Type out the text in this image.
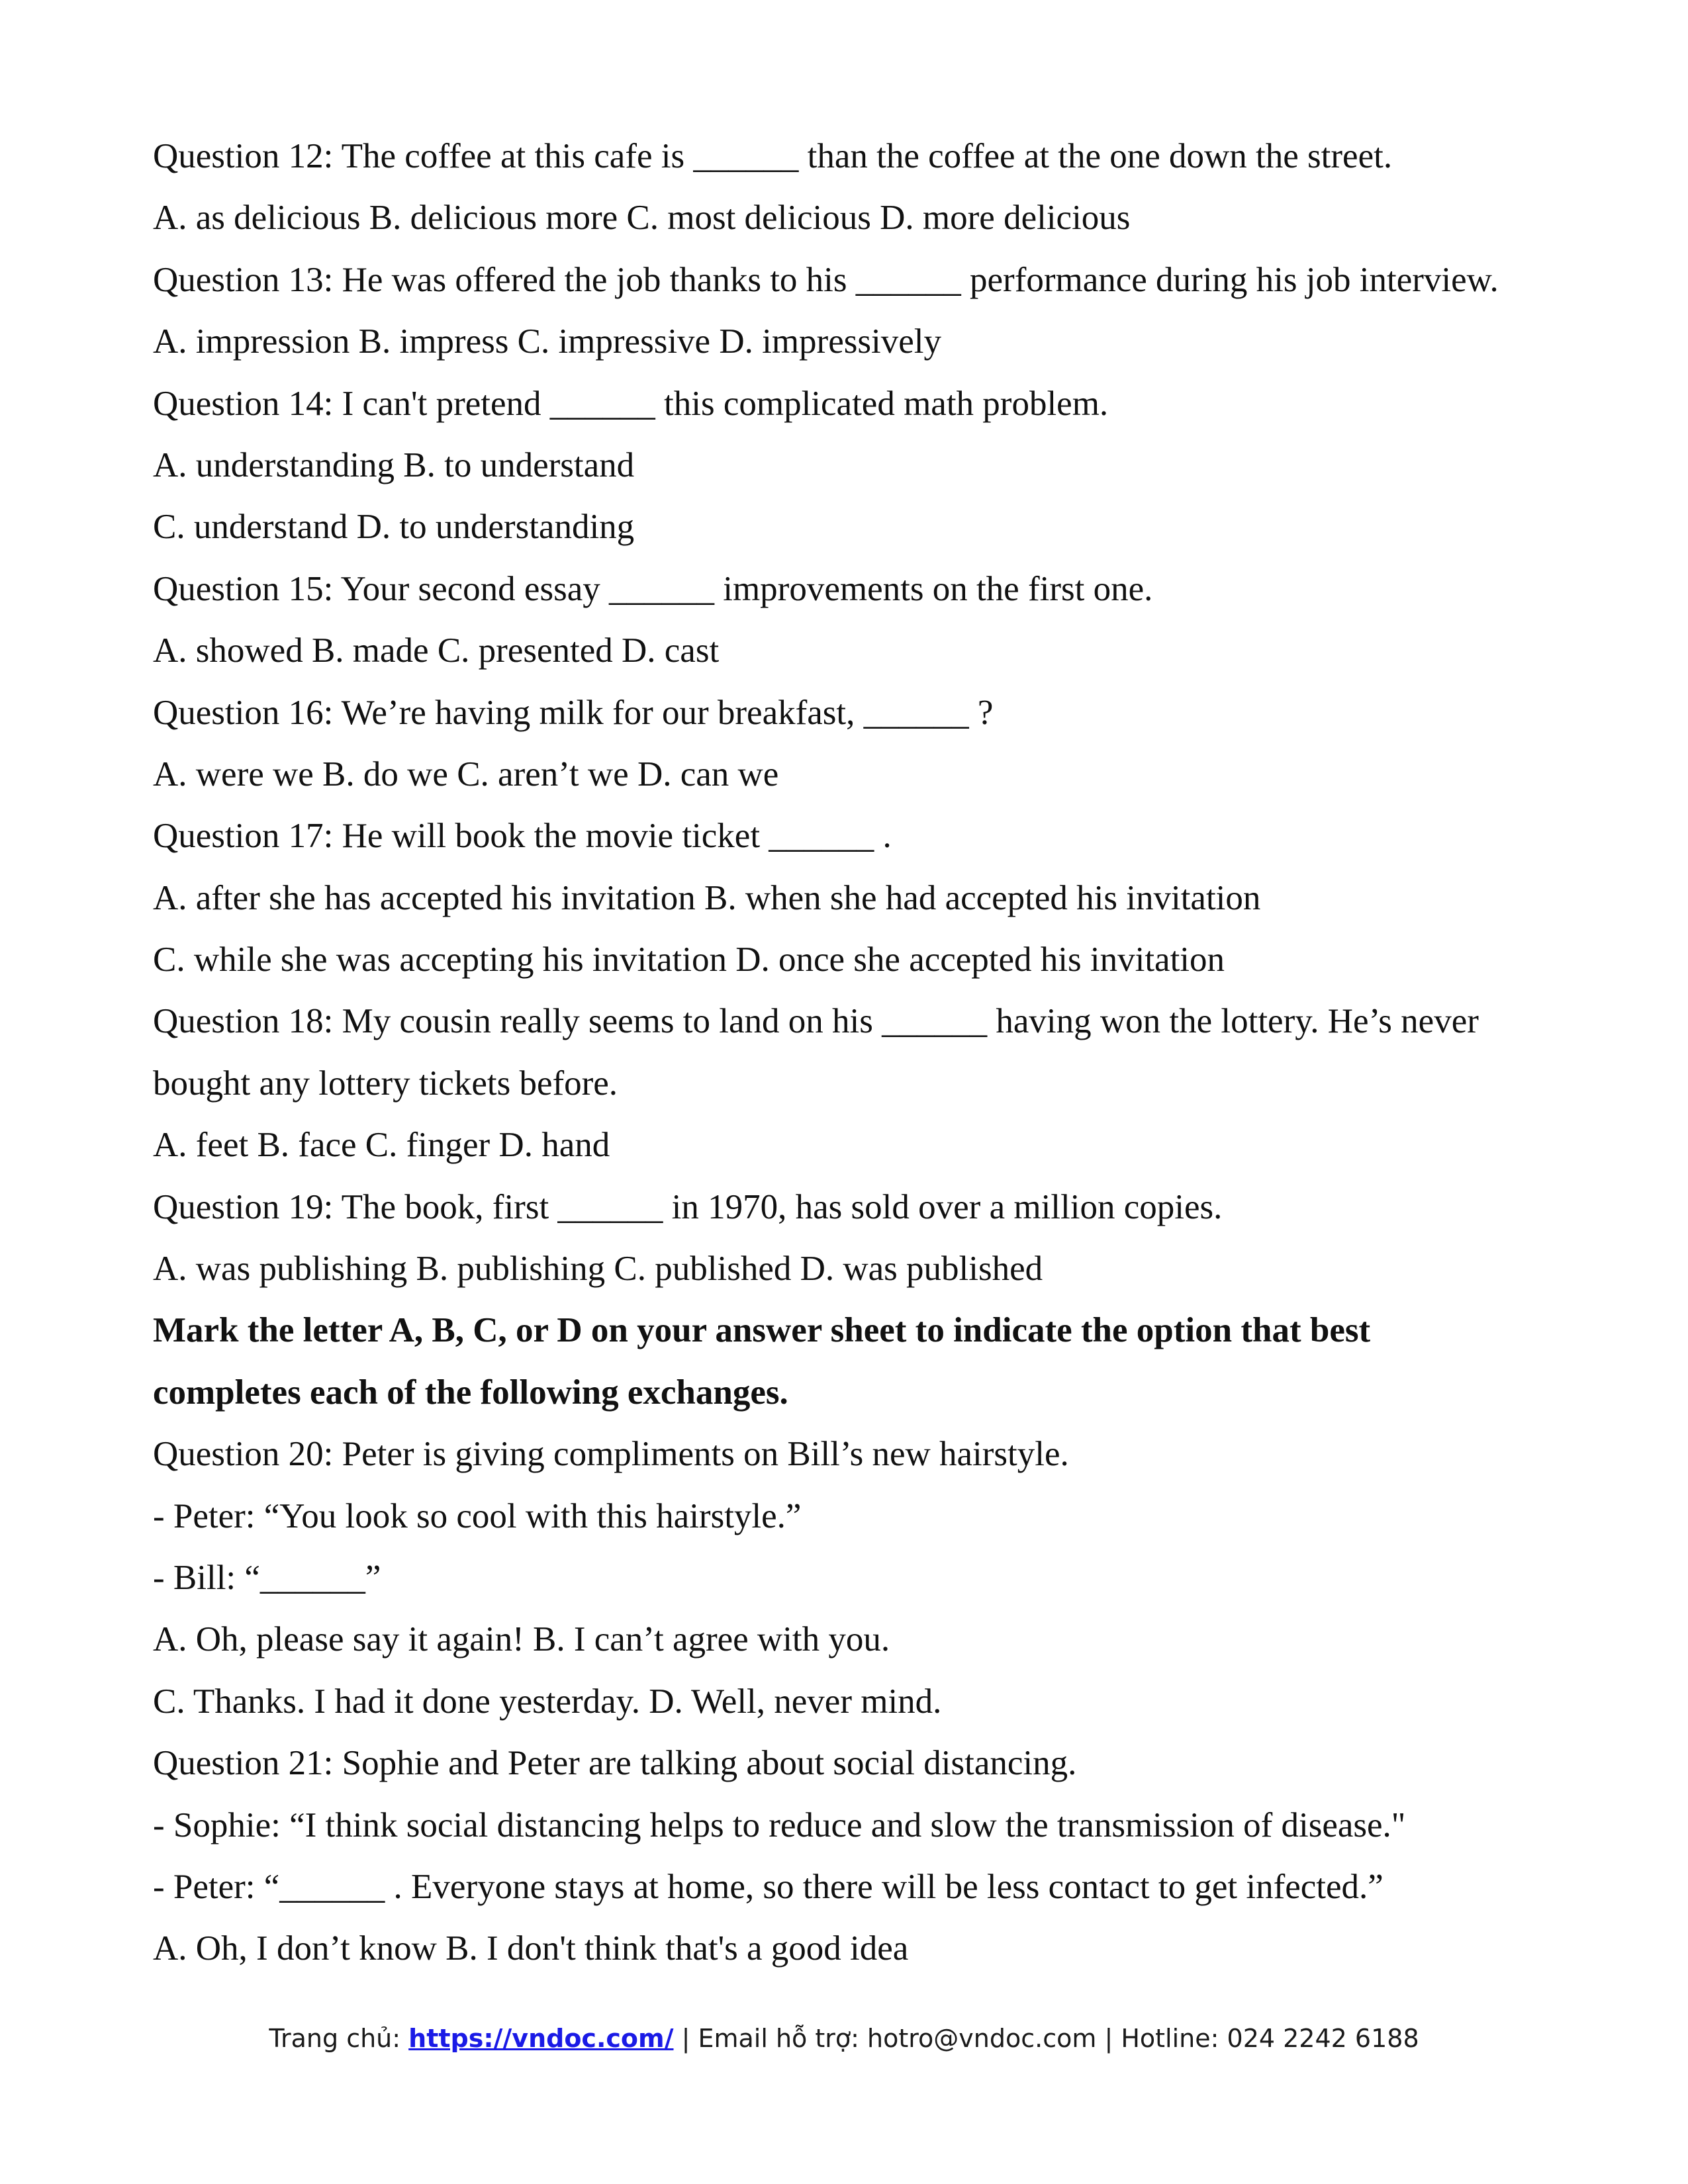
Question 12: The coffee at this cafe is ______ than the coffee at the one down the street.

A. as delicious B. delicious more C. most delicious D. more delicious

Question 13: He was offered the job thanks to his ______ performance during his job interview.

A. impression B. impress C. impressive D. impressively

Question 14: I can't pretend ______ this complicated math problem.

A. understanding B. to understand

C. understand D. to understanding

Question 15: Your second essay ______ improvements on the first one.

A. showed B. made C. presented D. cast

Question 16: We’re having milk for our breakfast, ______ ?

A. were we B. do we C. aren’t we D. can we

Question 17: He will book the movie ticket ______ .

A. after she has accepted his invitation B. when she had accepted his invitation

C. while she was accepting his invitation D. once she accepted his invitation

Question 18: My cousin really seems to land on his ______ having won the lottery. He’s never

bought any lottery tickets before.

A. feet B. face C. finger D. hand

Question 19: The book, first ______ in 1970, has sold over a million copies.

A. was publishing B. publishing C. published D. was published

Mark the letter A, B, C, or D on your answer sheet to indicate the option that best

completes each of the following exchanges.

Question 20: Peter is giving compliments on Bill’s new hairstyle.

- Peter: “You look so cool with this hairstyle.”

- Bill: “______”

A. Oh, please say it again! B. I can’t agree with you.

C. Thanks. I had it done yesterday. D. Well, never mind.

Question 21: Sophie and Peter are talking about social distancing.

- Sophie: “I think social distancing helps to reduce and slow the transmission of disease."

- Peter: “______ . Everyone stays at home, so there will be less contact to get infected.”

A. Oh, I don’t know B. I don't think that's a good idea

Trang chủ: https://vndoc.com/ | Email hỗ trợ: hotro@vndoc.com | Hotline: 024 2242 6188
